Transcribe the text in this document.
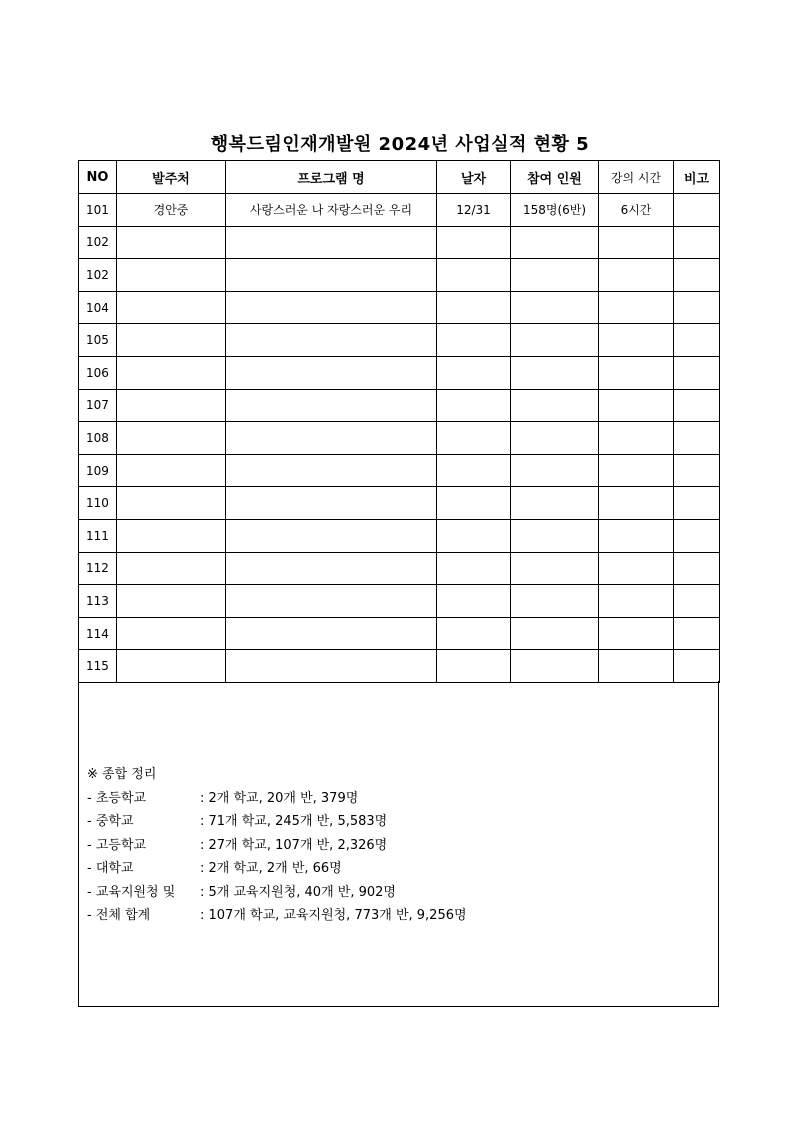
행복드림인재개발원 2024년 사업실적 현황 5
NO	발주처	프로그램 명	날자	참여 인원	강의 시간	비고
101	경안중	사랑스러운 나 자랑스러운 우리	12/31	158명(6반)	6시간	
102						
102						
104						
105						
106						
107						
108						
109						
110						
111						
112						
113						
114						
115						
※ 종합 정리
- 초등학교	: 2개 학교, 20개 반, 379명
- 중학교	: 71개 학교, 245개 반, 5,583명
- 고등학교	: 27개 학교, 107개 반, 2,326명
- 대학교	: 2개 학교, 2개 반, 66명
- 교육지원청 및	: 5개 교육지원청, 40개 반, 902명
- 전체 합계	: 107개 학교, 교육지원청, 773개 반, 9,256명
